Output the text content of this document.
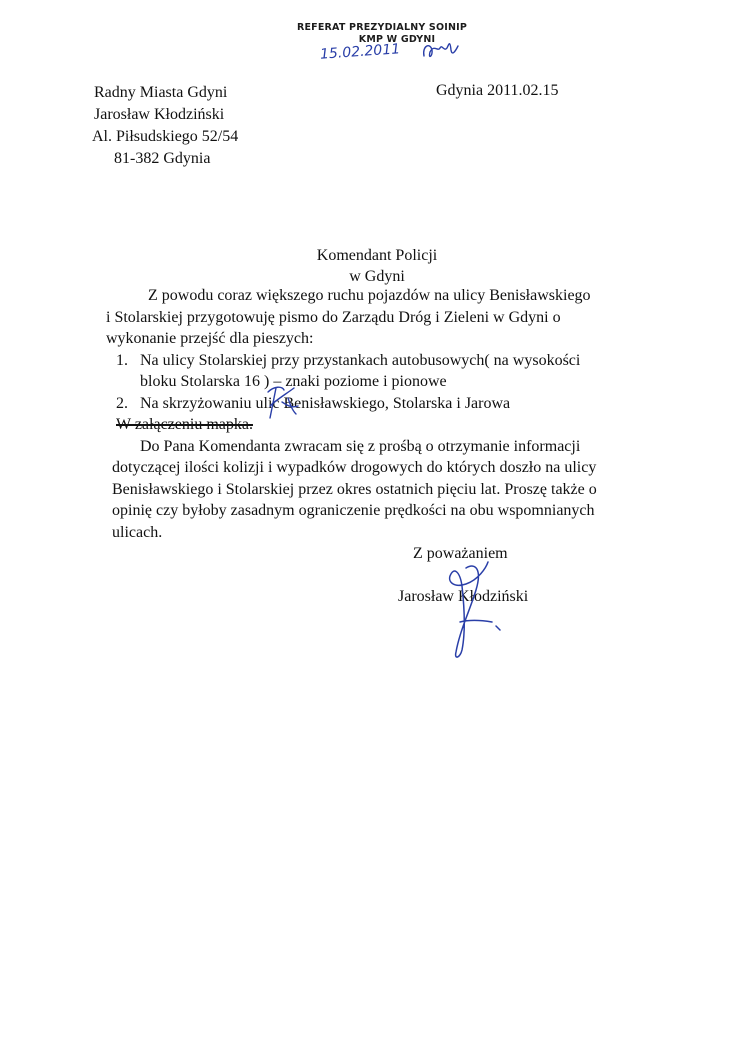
REFERAT PREZYDIALNY SOINIP
KMP W GDYNI
15.02.2011
Radny Miasta Gdyni
Jarosław Kłodziński
Al. Piłsudskiego 52/54
81-382 Gdynia
Gdynia 2011.02.15
Komendant Policji
w Gdyni
Z powodu coraz większego ruchu pojazdów na ulicy Benisławskiego
i Stolarskiej przygotowuję pismo do Zarządu Dróg i Zieleni w Gdyni o
wykonanie przejść dla pieszych:
1. Na ulicy Stolarskiej przy przystankach autobusowych( na wysokości
bloku Stolarska 16 ) – znaki poziome i pionowe
2. Na skrzyżowaniu ulic Benisławskiego, Stolarska i Jarowa
W załączeniu mapka.
Do Pana Komendanta zwracam się z prośbą o otrzymanie informacji
dotyczącej ilości kolizji i wypadków drogowych do których doszło na ulicy
Benisławskiego i Stolarskiej przez okres ostatnich pięciu lat. Proszę także o
opinię czy byłoby zasadnym ograniczenie prędkości na obu wspomnianych
ulicach.
Z poważaniem
Jarosław Kłodziński
